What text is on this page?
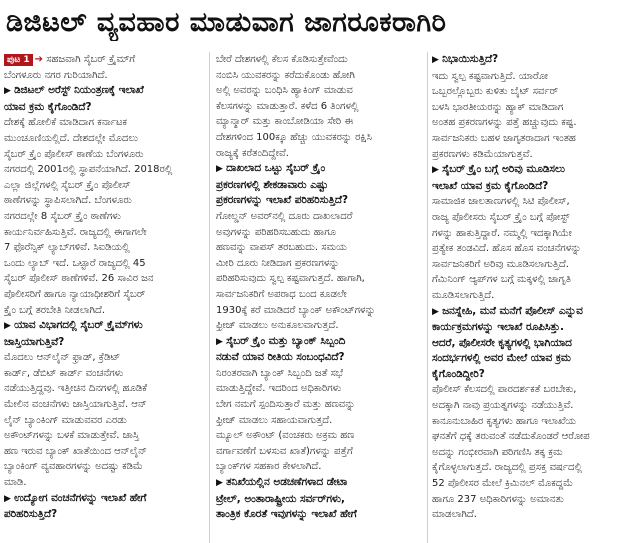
ಡಿಜಿಟಲ್ ವ್ಯವಹಾರ ಮಾಡುವಾಗ ಜಾಗರೂಕರಾಗಿರಿ
ಪುಟ 1 ➔ ಸಹಜವಾಗಿ ಸೈಬರ್ ಕ್ರೈಮ್‌ಗೆ
ಬೆಂಗಳೂರು ನಗರ ಗುರಿಯಾಗಿದೆ.
▶ ಡಿಜಿಟಲ್ ಅರೆಸ್ಟ್ ನಿಯಂತ್ರಣಕ್ಕೆ ಇಲಾಖೆ
ಯಾವ ಕ್ರಮ ಕೈಗೊಂಡಿದೆ?
ದೇಶಕ್ಕೆ ಹೋಲಿಕೆ ಮಾಡಿದಾಗ ಕರ್ನಾಟಕ
ಮುಂಚೂಣಿಯಲ್ಲಿದೆ. ದೇಶದಲ್ಲೇ ಮೊದಲು
ಸೈಬರ್ ಕ್ರೈಂ ಪೊಲೀಸ್ ಠಾಣೆಯ ಬೆಂಗಳೂರು
ನಗರದಲ್ಲಿ 2001ರಲ್ಲಿ ಸ್ಥಾಪನೆಯಾಗಿದೆ. 2018ರಲ್ಲಿ
ಎಲ್ಲಾ ಜಿಲ್ಲೆಗಳಲ್ಲಿ ಸೈಬರ್ ಕ್ರೈಂ ಪೊಲೀಸ್
ಠಾಣೆಗಳನ್ನು ಸ್ಥಾಪಿಸಲಾಗಿದೆ. ಬೆಂಗಳೂರು
ನಗರದಲ್ಲೇ 8 ಸೈಬರ್ ಕ್ರೈಂ ಠಾಣೆಗಳು
ಕಾರ್ಯನಿರ್ವಹಿಸುತ್ತಿವೆ. ರಾಜ್ಯದಲ್ಲಿ ಈಗಾಗಲೇ
7 ಫೊರೆನ್ಸಿಕ್ ಲ್ಯಾಬ್‌ಗಳಿವೆ. ಸಿಐಡಿಯಲ್ಲಿ
ಒಂದು ಲ್ಯಾಬ್ ಇದೆ. ಒಟ್ಟಾರೆ ರಾಜ್ಯದಲ್ಲಿ 45
ಸೈಬರ್ ಪೊಲೀಸ್ ಠಾಣೆಗಳಿವೆ. 26 ಸಾವಿರ ಜನ
ಪೊಲೀಸರಿಗೆ ಹಾಗೂ ನ್ಯಾಯಾಧೀಶರಿಗೆ ಸೈಬರ್
ಕ್ರೈಂ ಬಗ್ಗೆ ತರಬೇತಿ ನೀಡಲಾಗಿದೆ.
▶ ಯಾವ ವಿಭಾಗದಲ್ಲಿ ಸೈಬರ್ ಕ್ರೈಮ್‌ಗಳು
ಜಾಸ್ತಿಯಾಗುತ್ತಿವೆ?
ಮೊದಲು ಆನ್‌ಲೈನ್ ಫ್ರಾಡ್, ಕ್ರೆಡಿಟ್
ಕಾರ್ಡ್, ಡೆಬಿಟ್ ಕಾರ್ಡ್ ವಂಚನೆಗಳು
ನಡೆಯುತ್ತಿದ್ದವು. ಇತ್ತೀಚಿನ ದಿನಗಳಲ್ಲಿ ಹೂಡಿಕೆ
ಮೇಲಿನ ವಂಚನೆಗಳು ಜಾಸ್ತಿಯಾಗುತ್ತಿವೆ. ಆನ್
ಲೈನ್ ಬ್ಯಾಂಕಿಂಗ್ ಮಾಡುವವರ ಎರಡು
ಅಕೌಂಟ್‌ಗಳನ್ನು ಬಳಕೆ ಮಾಡುತ್ತೇವೆ. ಜಾಸ್ತಿ
ಹಣ ಇರುವ ಬ್ಯಾಂಕ್ ಖಾತೆಯಿಂದ ಆನ್‌ಲೈನ್
ಬ್ಯಾಂಕಿಂಗ್ ವ್ಯವಹಾರಗಳನ್ನು ಅದಷ್ಟು ಕಡಿಮೆ
ಮಾಡಿ.
▶ ಉದ್ಯೋಗ ವಂಚನೆಗಳನ್ನು ಇಲಾಖೆ ಹೇಗೆ
ಪರಿಹರಿಸುತ್ತಿದೆ?
ಬೇರೆ ದೇಶಗಳಲ್ಲಿ ಕೆಲಸ ಕೊಡಿಸುತ್ತೇವೆಂದು
ನಂಬಿಸಿ ಯುವಕರನ್ನು ಕರೆದುಕೊಂಡು ಹೋಗಿ
ಅಲ್ಲಿ ಅವರನ್ನು ಬಂಧಿಸಿ ಹ್ಯಾಕಿಂಗ್ ಮಾಡುವ
ಕೆಲಸಗಳನ್ನು ಮಾಡುತ್ತಾರೆ. ಕಳೆದ 6 ತಿಂಗಳಲ್ಲಿ
ಮ್ಯಾನ್ಮಾರ್ ಮತ್ತು ಕಾಂಬೋಡಿಯಾ ಸೇರಿ ಈ
ದೇಶಗಳಿಂದ 100ಕ್ಕೂ ಹೆಚ್ಚು ಯುವಕರನ್ನು ರಕ್ಷಿಸಿ
ರಾಜ್ಯಕ್ಕೆ ಕರೆತಂದಿದ್ದೇವೆ.
▶ ದಾಖಲಾದ ಒಟ್ಟು ಸೈಬರ್ ಕ್ರೈಂ
ಪ್ರಕರಣಗಳಲ್ಲಿ ಶೇಕಡಾವಾರು ಎಷ್ಟು
ಪ್ರಕರಣಗಳನ್ನು ಇಲಾಖೆ ಪರಿಹರಿಸುತ್ತಿದೆ?
ಗೋಲ್ಡನ್ ಅವರ್‌ನಲ್ಲಿ ದೂರು ದಾಖಲಾದರೆ
ಅವುಗಳನ್ನು ಪರಿಹರಿಸಬಹುದು ಹಾಗೂ
ಹಣವನ್ನು ವಾಪಸ್ ತರಬಹುದು. ಸಮಯ
ಮೀರಿ ದೂರು ನೀಡಿದಾಗ ಪ್ರಕರಣಗಳನ್ನು
ಪರಿಹರಿಸುವುದು ಸ್ವಲ್ಪ ಕಷ್ಟವಾಗುತ್ತದೆ. ಹಾಗಾಗಿ,
ಸಾರ್ವಜನಿಕರಿಗೆ ಅಪರಾಧ ಬಂದ ಕೂಡಲೇ
1930ಕ್ಕೆ ಕರೆ ಮಾಡಿದರೆ ಬ್ಯಾಂಕ್ ಅಕೌಂಟ್‌ಗಳನ್ನು
ಫ್ರೀಜ್ ಮಾಡಲು ಅನುಕೂಲವಾಗುತ್ತದೆ.
▶ ಸೈಬರ್ ಕ್ರೈಂ ಮತ್ತು ಬ್ಯಾಂಕ್ ಸಿಬ್ಬಂದಿ
ನಡುವೆ ಯಾವ ರೀತಿಯ ಸಂಬಂಧವಿದೆ?
ನಿರಂತರವಾಗಿ ಬ್ಯಾಂಕ್ ಸಿಬ್ಬಂದಿ ಜತೆ ಸಭೆ
ಮಾಡುತ್ತಿದ್ದೇವೆ. ಇದರಿಂದ ಅಧಿಕಾರಿಗಳು
ಬೇಗ ನಮಗೆ ಸ್ಪಂದಿಸುತ್ತಾರೆ ಮತ್ತು ಹಣವನ್ನು
ಫ್ರೀಜ್ ಮಾಡಲು ಸಹಾಯವಾಗುತ್ತದೆ.
ಮ್ಯೂಲ್ ಅಕೌಂಟ್ (ವಂಚಕರು ಅಕ್ರಮ ಹಣ
ವರ್ಗಾವಣೆಗೆ ಬಳಸುವ ಖಾತೆ)ಗಳನ್ನು ಪತ್ತೆಗೆ
ಬ್ಯಾಂಕ್‌ಗಳ ಸಹಕಾರ ಕೇಳಲಾಗಿದೆ.
▶ ತನಿಖೆಯಲ್ಲಿನ ಅಡಚಣೆಗಳಾದ ಡೇಟಾ
ಟ್ರೇಲ್, ಅಂತಾರಾಷ್ಟ್ರೀಯ ಸರ್ವರ್‌ಗಳು,
ತಾಂತ್ರಿಕ ಕೊರತೆ ಇವುಗಳನ್ನು ಇಲಾಖೆ ಹೇಗೆ
▶ ನಿಭಾಯಿಸುತ್ತಿದೆ?
ಇದು ಸ್ವಲ್ಪ ಕಷ್ಟವಾಗುತ್ತಿದೆ. ಯಾರೋ
ಒಬ್ಬರಲ್ಲೊಬ್ಬರು ಕುಳಿತು ಬೈಟ್ ಸರ್ವರ್
ಬಳಸಿ ಭಾರತೀಯರನ್ನು ಹ್ಯಾಕ್ ಮಾಡಿದಾಗ
ಅಂತಹ ಪ್ರಕರಣಗಳನ್ನು ಪತ್ತೆ ಹಚ್ಚುವುದು ಕಷ್ಟ.
ಸಾರ್ವಜನಿಕರು ಬಹಳ ಜಾಗೃತರಾದಾಗ ಇಂತಹ
ಪ್ರಕರಣಗಳು ಕಡಿಮೆಯಾಗುತ್ತವೆ.
▶ ಸೈಬರ್ ಕ್ರೈಂ ಬಗ್ಗೆ ಅರಿವು ಮೂಡಿಸಲು
ಇಲಾಖೆ ಯಾವ ಕ್ರಮ ಕೈಗೊಂಡಿದೆ?
ಸಾಮಾಜಿಕ ಜಾಲತಾಣಗಳಲ್ಲಿ ಸಿಟಿ ಪೊಲೀಸ್,
ರಾಜ್ಯ ಪೊಲೀಸರು ಸೈಬರ್ ಕ್ರೈಂ ಬಗ್ಗೆ ಪೋಸ್ಟ್
ಗಳನ್ನು ಹಾಕುತ್ತಿದ್ದಾರೆ. ನಮ್ಮಲ್ಲಿ ಇದಕ್ಕಾಗಿಯೇ
ಪ್ರತ್ಯೇಕ ತಂಡವಿದೆ. ಹೊಸ ಹೊಸ ವಂಚನೆಗಳನ್ನು
ಸಾರ್ವಜನಿಕರಿಗೆ ಅರಿವು ಮೂಡಿಸಲಾಗುತ್ತಿದೆ.
ಗೆಮಿನಿಂಗ್ ಆ್ಯಪ್‌ಗಳ ಬಗ್ಗೆ ಮಕ್ಕಳಲ್ಲಿ ಜಾಗೃತಿ
ಮೂಡಿಸಲಾಗುತ್ತಿದೆ.
▶ ಜನಸ್ನೇಹಿ, ಮನೆ ಮನೆಗೆ ಪೊಲೀಸ್ ಎನ್ನುವ
ಕಾರ್ಯಕ್ರಮಗಳನ್ನು ಇಲಾಖೆ ರೂಪಿಸಿತ್ತು.
ಆದರೆ, ಪೊಲೀಸರೇ ಕೃತ್ಯಗಳಲ್ಲಿ ಭಾಗಿಯಾದ
ಸಂದರ್ಭಗಳಲ್ಲಿ ಅವರ ಮೇಲೆ ಯಾವ ಕ್ರಮ
ಕೈಗೊಂಡಿದ್ದೀರಿ?
ಪೊಲೀಸ್ ಕೆಲಸದಲ್ಲಿ ಪಾರದರ್ಶಕತೆ ಬರಬೇಕು,
ಅದಕ್ಕಾಗಿ ನಾವು ಪ್ರಯತ್ನಗಳನ್ನು ನಡೆಯುತ್ತಿವೆ.
ಕಾನೂನುಬಾಹಿರ ಕೃತ್ಯಗಳು ಹಾಗೂ ಇಲಾಖೆಯ
ಘನತೆಗೆ ಧಕ್ಕೆ ತರುವಂತೆ ನಡೆದುಕೊಂಡರೆ ಆರೋಪ
ಅದನ್ನು ಗಂಭೀರವಾಗಿ ಪರಿಗಣಿಸಿ ತಕ್ಕ ಕ್ರಮ
ಕೈಗೊಳ್ಳಲಾಗುತ್ತದೆ. ರಾಜ್ಯದಲ್ಲಿ ಪ್ರಸಕ್ತ ವರ್ಷದಲ್ಲಿ
52 ಪೊಲೀಸರ ಮೇಲೆ ಕ್ರಿಮಿನಲ್ ಮೊಕದ್ದಮೆ
ಹಾಗೂ 237 ಅಧಿಕಾರಿಗಳನ್ನು ಅಮಾನತು
ಮಾಡಲಾಗಿದೆ.
